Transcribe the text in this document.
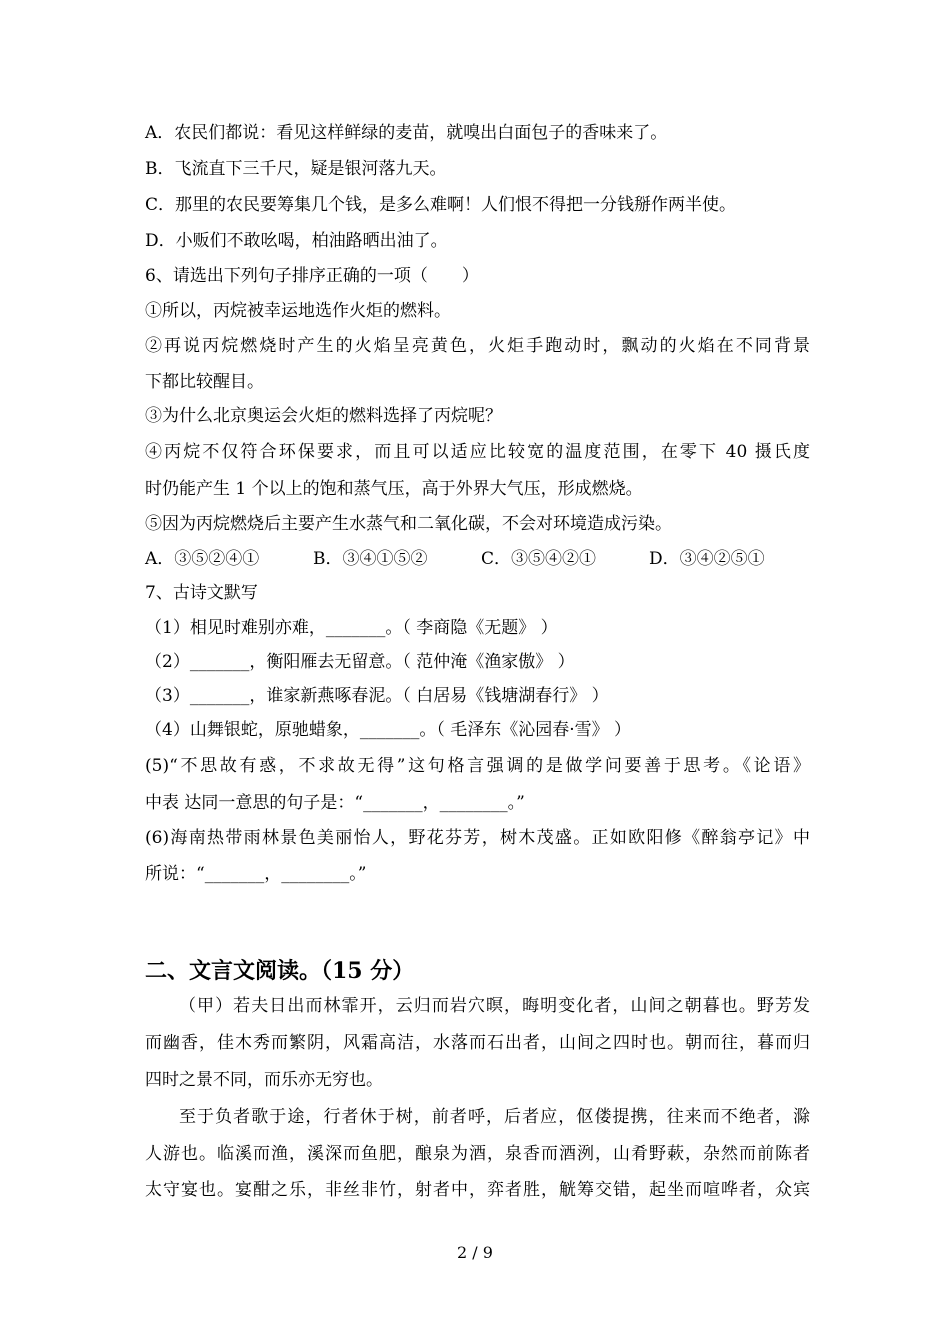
A．农民们都说：看见这样鲜绿的麦苗，就嗅出白面包子的香味来了。
B．飞流直下三千尺，疑是银河落九天。
C．那里的农民要筹集几个钱，是多么难啊！人们恨不得把一分钱掰作两半使。
D．小贩们不敢吆喝，柏油路晒出油了。
6、请选出下列句子排序正确的一项（　　）
①所以，丙烷被幸运地选作火炬的燃料。
②再说丙烷燃烧时产生的火焰呈亮黄色，火炬手跑动时，飘动的火焰在不同背景
下都比较醒目。
③为什么北京奥运会火炬的燃料选择了丙烷呢？
④丙烷不仅符合环保要求，而且可以适应比较宽的温度范围，在零下 40 摄氏度
时仍能产生 1 个以上的饱和蒸气压，高于外界大气压，形成燃烧。
⑤因为丙烷燃烧后主要产生水蒸气和二氧化碳，不会对环境造成污染。
A．③⑤②④①	B．③④①⑤②	C．③⑤④②①	D．③④②⑤①
7、古诗文默写
（1）相见时难别亦难，_______。（ 李商隐《无题》 ）
（2）_______，衡阳雁去无留意。（ 范仲淹《渔家傲》 ）
（3）_______，谁家新燕啄春泥。（ 白居易《钱塘湖春行》 ）
（4）山舞银蛇，原驰蜡象，_______。（ 毛泽东《沁园春·雪》 ）
(5)“不思故有惑，不求故无得”这句格言强调的是做学问要善于思考。《论语》
中表 达同一意思的句子是：“_______，________。”
(6)海南热带雨林景色美丽怡人，野花芬芳，树木茂盛。正如欧阳修《醉翁亭记》中
所说：“_______，________。”
二、文言文阅读。（15 分）
（甲）若夫日出而林霏开，云归而岩穴暝，晦明变化者，山间之朝暮也。野芳发
而幽香，佳木秀而繁阴，风霜高洁，水落而石出者，山间之四时也。朝而往，暮而归
四时之景不同，而乐亦无穷也。
至于负者歌于途，行者休于树，前者呼，后者应，伛偻提携，往来而不绝者，滁
人游也。临溪而渔，溪深而鱼肥，酿泉为酒，泉香而酒洌，山肴野蔌，杂然而前陈者
太守宴也。宴酣之乐，非丝非竹，射者中，弈者胜，觥筹交错，起坐而喧哗者，众宾
2 / 9
